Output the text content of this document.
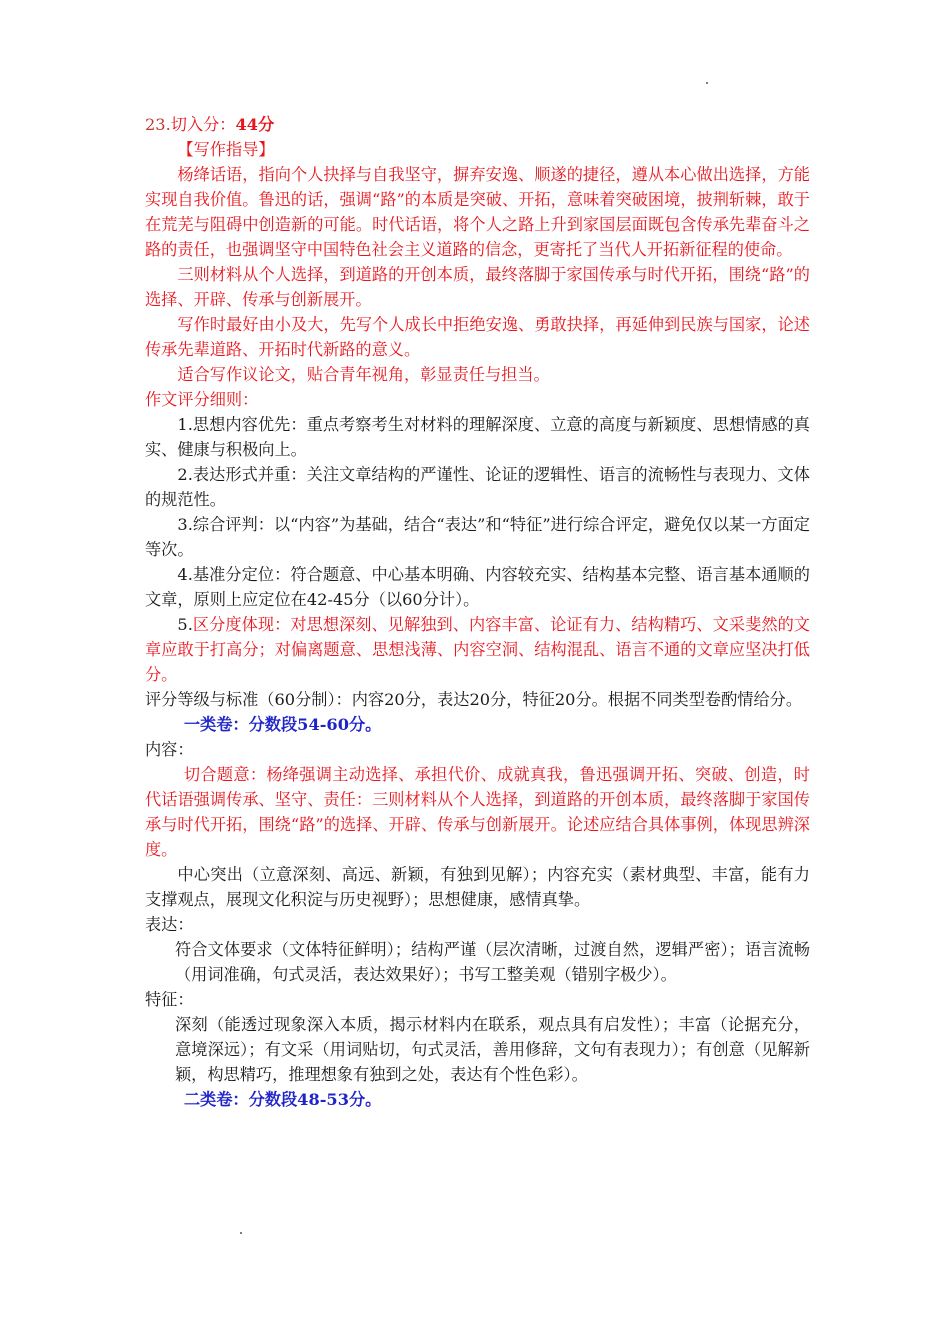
23.切入分：44分

【写作指导】

杨绛话语，指向个人抉择与自我坚守，摒弃安逸、顺遂的捷径，遵从本心做出选择，方能实现自我价值。鲁迅的话，强调“路”的本质是突破、开拓，意味着突破困境，披荆斩棘，敢于在荒芜与阻碍中创造新的可能。时代话语，将个人之路上升到家国层面既包含传承先辈奋斗之路的责任，也强调坚守中国特色社会主义道路的信念，更寄托了当代人开拓新征程的使命。

三则材料从个人选择，到道路的开创本质，最终落脚于家国传承与时代开拓，围绕“路”的选择、开辟、传承与创新展开。

写作时最好由小及大，先写个人成长中拒绝安逸、勇敢抉择，再延伸到民族与国家，论述传承先辈道路、开拓时代新路的意义。

适合写作议论文，贴合青年视角，彰显责任与担当。

作文评分细则：

1.思想内容优先：重点考察考生对材料的理解深度、立意的高度与新颖度、思想情感的真实、健康与积极向上。

2.表达形式并重：关注文章结构的严谨性、论证的逻辑性、语言的流畅性与表现力、文体的规范性。

3.综合评判：以“内容”为基础，结合“表达”和“特征”进行综合评定，避免仅以某一方面定等次。

4.基准分定位：符合题意、中心基本明确、内容较充实、结构基本完整、语言基本通顺的文章，原则上应定位在42-45分（以60分计）。

5.区分度体现：对思想深刻、见解独到、内容丰富、论证有力、结构精巧、文采斐然的文章应敢于打高分；对偏离题意、思想浅薄、内容空洞、结构混乱、语言不通的文章应坚决打低分。

评分等级与标准（60分制）：内容20分，表达20分，特征20分。根据不同类型卷酌情给分。

一类卷：分数段54-60分。

内容：

切合题意：杨绛强调主动选择、承担代价、成就真我，鲁迅强调开拓、突破、创造，时代话语强调传承、坚守、责任：三则材料从个人选择，到道路的开创本质，最终落脚于家国传承与时代开拓，围绕“路”的选择、开辟、传承与创新展开。论述应结合具体事例，体现思辨深度。

中心突出（立意深刻、高远、新颖，有独到见解）；内容充实（素材典型、丰富，能有力支撑观点，展现文化积淀与历史视野）；思想健康，感情真挚。

表达：

符合文体要求（文体特征鲜明）；结构严谨（层次清晰，过渡自然，逻辑严密）；语言流畅（用词准确，句式灵活，表达效果好）；书写工整美观（错别字极少）。

特征：

深刻（能透过现象深入本质，揭示材料内在联系，观点具有启发性）；丰富（论据充分，意境深远）；有文采（用词贴切，句式灵活，善用修辞，文句有表现力）；有创意（见解新颖，构思精巧，推理想象有独到之处，表达有个性色彩）。

二类卷：分数段48-53分。
